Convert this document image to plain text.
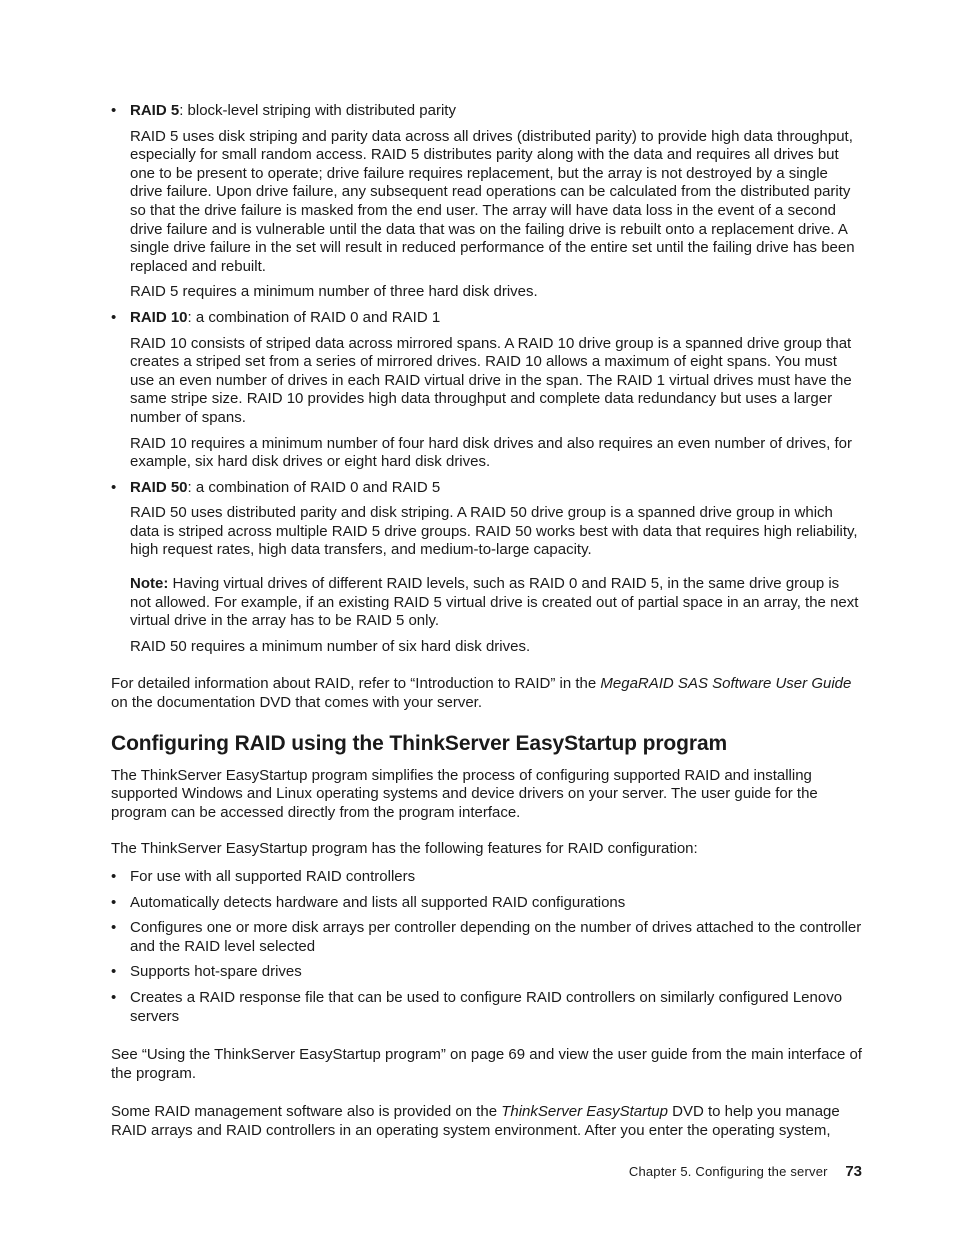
• RAID 5: block-level striping with distributed parity

RAID 5 uses disk striping and parity data across all drives (distributed parity) to provide high data throughput, especially for small random access. RAID 5 distributes parity along with the data and requires all drives but one to be present to operate; drive failure requires replacement, but the array is not destroyed by a single drive failure. Upon drive failure, any subsequent read operations can be calculated from the distributed parity so that the drive failure is masked from the end user. The array will have data loss in the event of a second drive failure and is vulnerable until the data that was on the failing drive is rebuilt onto a replacement drive. A single drive failure in the set will result in reduced performance of the entire set until the failing drive has been replaced and rebuilt.

RAID 5 requires a minimum number of three hard disk drives.

• RAID 10: a combination of RAID 0 and RAID 1

RAID 10 consists of striped data across mirrored spans. A RAID 10 drive group is a spanned drive group that creates a striped set from a series of mirrored drives. RAID 10 allows a maximum of eight spans. You must use an even number of drives in each RAID virtual drive in the span. The RAID 1 virtual drives must have the same stripe size. RAID 10 provides high data throughput and complete data redundancy but uses a larger number of spans.

RAID 10 requires a minimum number of four hard disk drives and also requires an even number of drives, for example, six hard disk drives or eight hard disk drives.

• RAID 50: a combination of RAID 0 and RAID 5

RAID 50 uses distributed parity and disk striping. A RAID 50 drive group is a spanned drive group in which data is striped across multiple RAID 5 drive groups. RAID 50 works best with data that requires high reliability, high request rates, high data transfers, and medium-to-large capacity.

Note: Having virtual drives of different RAID levels, such as RAID 0 and RAID 5, in the same drive group is not allowed. For example, if an existing RAID 5 virtual drive is created out of partial space in an array, the next virtual drive in the array has to be RAID 5 only.

RAID 50 requires a minimum number of six hard disk drives.

For detailed information about RAID, refer to “Introduction to RAID” in the MegaRAID SAS Software User Guide on the documentation DVD that comes with your server.

Configuring RAID using the ThinkServer EasyStartup program

The ThinkServer EasyStartup program simplifies the process of configuring supported RAID and installing supported Windows and Linux operating systems and device drivers on your server. The user guide for the program can be accessed directly from the program interface.

The ThinkServer EasyStartup program has the following features for RAID configuration:

• For use with all supported RAID controllers

• Automatically detects hardware and lists all supported RAID configurations

• Configures one or more disk arrays per controller depending on the number of drives attached to the controller and the RAID level selected

• Supports hot-spare drives

• Creates a RAID response file that can be used to configure RAID controllers on similarly configured Lenovo servers

See “Using the ThinkServer EasyStartup program” on page 69 and view the user guide from the main interface of the program.

Some RAID management software also is provided on the ThinkServer EasyStartup DVD to help you manage RAID arrays and RAID controllers in an operating system environment. After you enter the operating system,

Chapter 5. Configuring the server 73
